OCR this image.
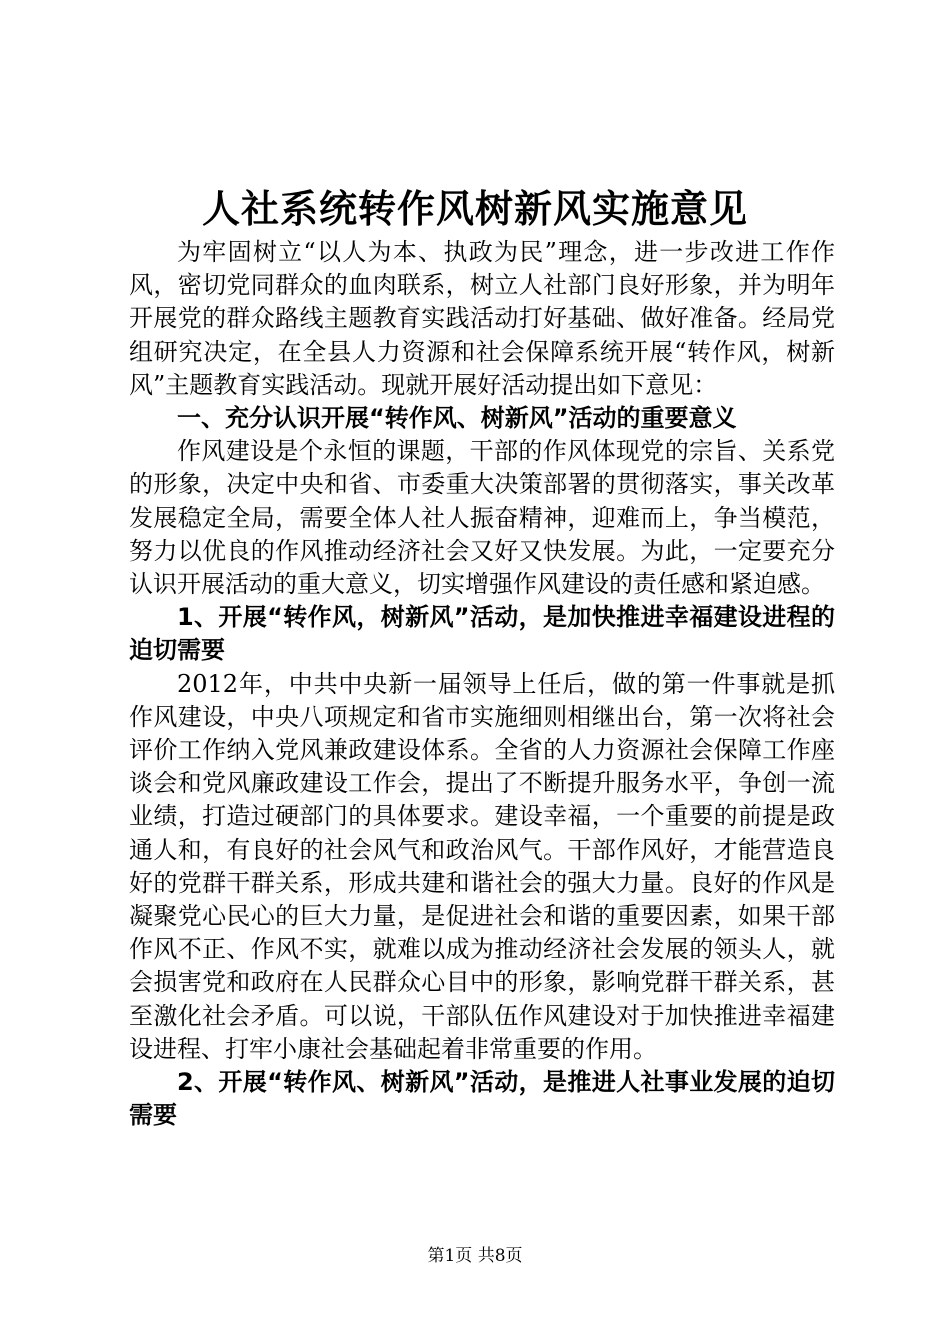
人社系统转作风树新风实施意见

为牢固树立“以人为本、执政为民”理念，进一步改进工作作风，密切党同群众的血肉联系，树立人社部门良好形象，并为明年开展党的群众路线主题教育实践活动打好基础、做好准备。经局党组研究决定，在全县人力资源和社会保障系统开展“转作风，树新风”主题教育实践活动。现就开展好活动提出如下意见：

一、充分认识开展“转作风、树新风”活动的重要意义

作风建设是个永恒的课题，干部的作风体现党的宗旨、关系党的形象，决定中央和省、市委重大决策部署的贯彻落实，事关改革发展稳定全局，需要全体人社人振奋精神，迎难而上，争当模范，努力以优良的作风推动经济社会又好又快发展。为此，一定要充分认识开展活动的重大意义，切实增强作风建设的责任感和紧迫感。

1、开展“转作风，树新风”活动，是加快推进幸福建设进程的迫切需要

2012年，中共中央新一届领导上任后，做的第一件事就是抓作风建设，中央八项规定和省市实施细则相继出台，第一次将社会评价工作纳入党风兼政建设体系。全省的人力资源社会保障工作座谈会和党风廉政建设工作会，提出了不断提升服务水平，争创一流业绩，打造过硬部门的具体要求。建设幸福，一个重要的前提是政通人和，有良好的社会风气和政治风气。干部作风好，才能营造良好的党群干群关系，形成共建和谐社会的强大力量。良好的作风是凝聚党心民心的巨大力量，是促进社会和谐的重要因素，如果干部作风不正、作风不实，就难以成为推动经济社会发展的领头人，就会损害党和政府在人民群众心目中的形象，影响党群干群关系，甚至激化社会矛盾。可以说，干部队伍作风建设对于加快推进幸福建设进程、打牢小康社会基础起着非常重要的作用。

2、开展“转作风、树新风”活动，是推进人社事业发展的迫切需要

第1页 共8页
